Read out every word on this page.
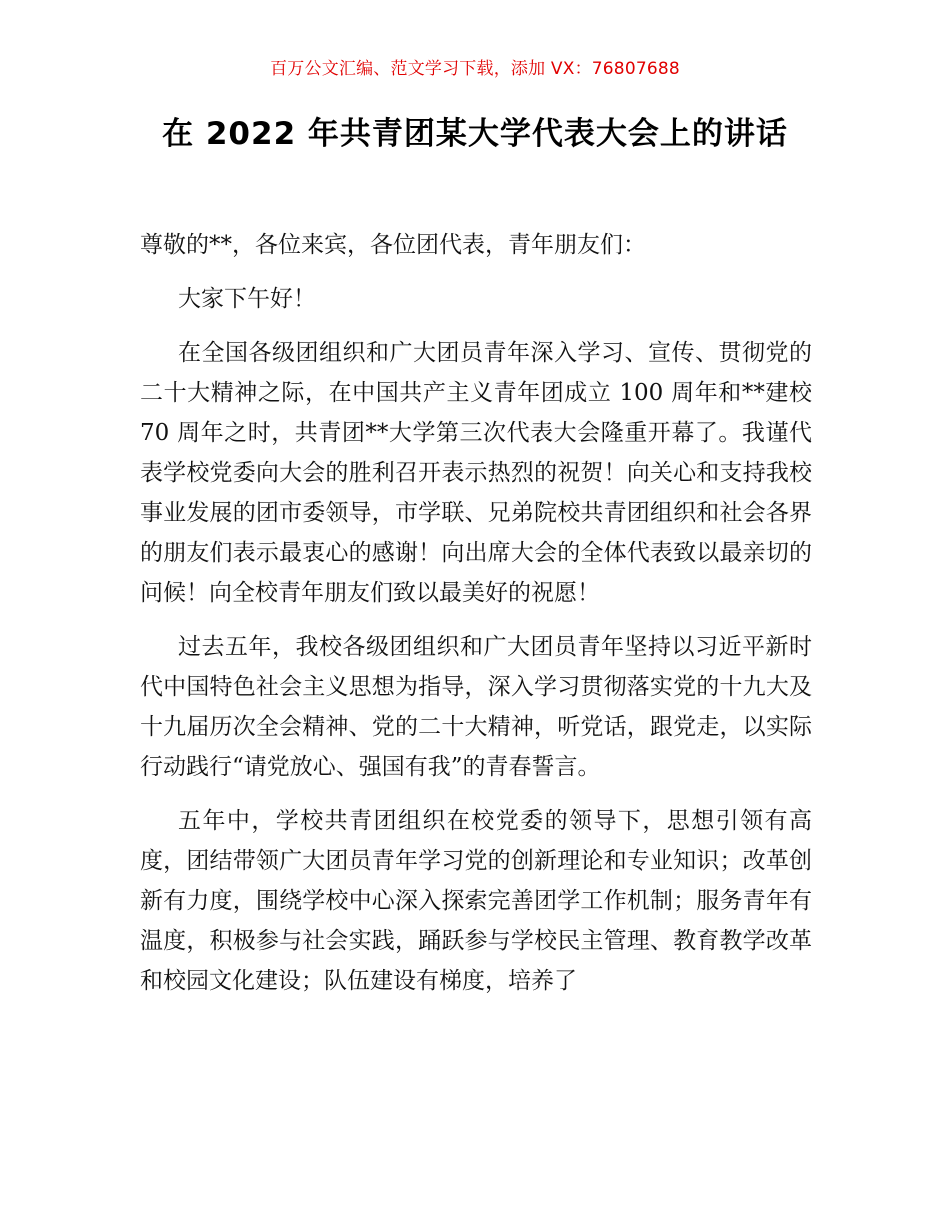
百万公文汇编、范文学习下载，添加 VX：76807688
在 2022 年共青团某大学代表大会上的讲话

尊敬的**，各位来宾，各位团代表，青年朋友们：

大家下午好！

在全国各级团组织和广大团员青年深入学习、宣传、贯彻党的二十大精神之际，在中国共产主义青年团成立 100 周年和**建校 70 周年之时，共青团**大学第三次代表大会隆重开幕了。我谨代表学校党委向大会的胜利召开表示热烈的祝贺！向关心和支持我校事业发展的团市委领导，市学联、兄弟院校共青团组织和社会各界的朋友们表示最衷心的感谢！向出席大会的全体代表致以最亲切的问候！向全校青年朋友们致以最美好的祝愿！

过去五年，我校各级团组织和广大团员青年坚持以习近平新时代中国特色社会主义思想为指导，深入学习贯彻落实党的十九大及十九届历次全会精神、党的二十大精神，听党话，跟党走，以实际行动践行“请党放心、强国有我”的青春誓言。

五年中，学校共青团组织在校党委的领导下，思想引领有高度，团结带领广大团员青年学习党的创新理论和专业知识；改革创新有力度，围绕学校中心深入探索完善团学工作机制；服务青年有温度，积极参与社会实践，踊跃参与学校民主管理、教育教学改革和校园文化建设；队伍建设有梯度，培养了
